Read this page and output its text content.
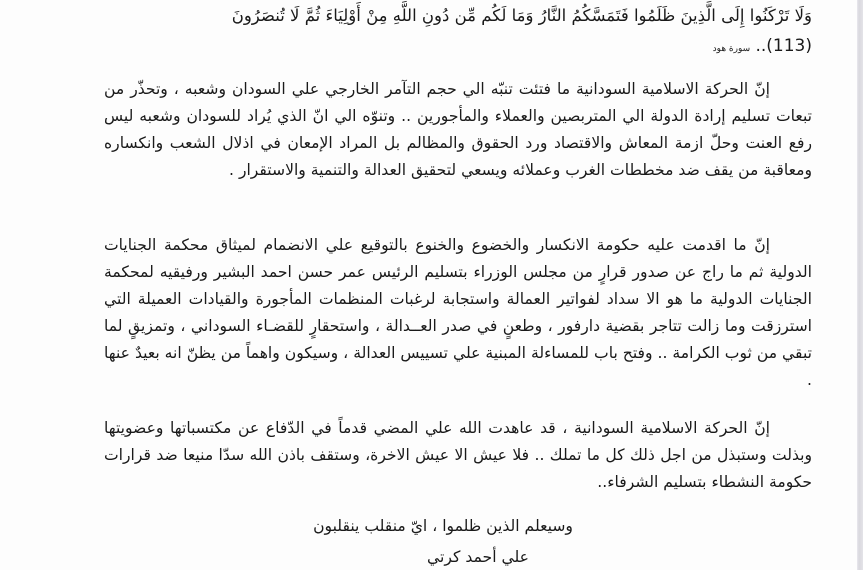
وَلَا تَرْكَنُوا إِلَى الَّذِينَ ظَلَمُوا فَتَمَسَّكُمُ النَّارُ وَمَا لَكُم مِّن دُونِ اللَّهِ مِنْ أَوْلِيَاءَ ثُمَّ لَا تُنصَرُونَ
(113).. سورة هود

إنّ الحركة الاسلامية السودانية ما فتئت تنبّه الي حجم التآمر الخارجي علي السودان وشعبه ، وتحذّر من تبعات تسليم إرادة الدولة الي المتربصين والعملاء والمأجورين .. وتنوّه الي انّ الذي يُراد للسودان وشعبه ليس رفع العنت وحلّ ازمة المعاش والاقتصاد ورد الحقوق والمظالم بل المراد الإمعان في اذلال الشعب وانكساره ومعاقبة من يقف ضد مخططات الغرب وعملائه ويسعي لتحقيق العدالة والتنمية والاستقرار .

إنّ ما اقدمت عليه حكومة الانكسار والخضوع والخنوع بالتوقيع علي الانضمام لميثاق محكمة الجنايات الدولية ثم ما راج عن صدور قرارٍ من مجلس الوزراء بتسليم الرئيس عمر حسن احمد البشير ورفيقيه لمحكمة الجنايات الدولية ما هو الا سداد لفواتير العمالة واستجابة لرغبات المنظمات المأجورة والقيادات العميلة التي استرزقت وما زالت تتاجر بقضية دارفور ، وطعنٍ في صدر العــدالة ، واستحقارٍ للقضـاء السوداني ، وتمزيقٍ لما تبقي من ثوب الكرامة .. وفتح باب للمساءلة المبنية علي تسييس العدالة ، وسيكون واهماً من يظنّ انه بعيدٌ عنها .

إنّ الحركة الاسلامية السودانية ، قد عاهدت الله علي المضي قدماً في الدّفاع عن مكتسباتها وعضويتها وبذلت وستبذل من اجل ذلك كل ما تملك .. فلا عيش الا عيش الاخرة، وستقف باذن الله سدّا منيعا ضد قرارات حكومة النشطاء بتسليم الشرفاء..

وسيعلم الذين ظلموا ، ايّ منقلب ينقلبون
علي أحمد كرتي
